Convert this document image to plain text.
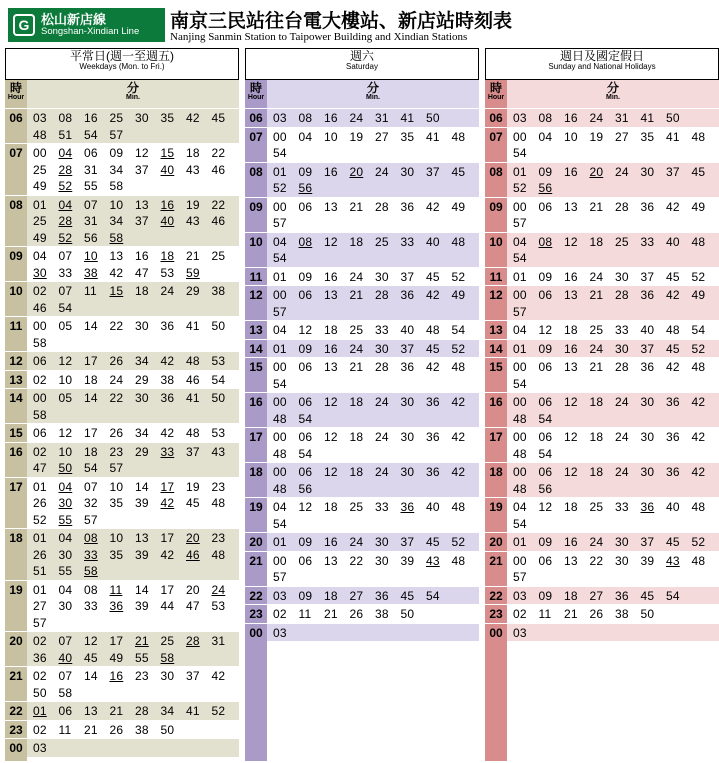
G 松山新店線
Songshan-Xindian Line 南京三民站往台電大樓站、新店站時刻表
Nanjing Sanmin Station to Taipower Building and Xindian Stations
平常日(週一至週五)
Weekdays (Mon. to Fri.)
時
Hour
分
Min.
06 03 08 16 25 30 35 42 45
48 51 54 57
07 00 04 06 09 12 15 18 22
25 28 31 34 37 40 43 46
49 52 55 58
08 01 04 07 10 13 16 19 22
25 28 31 34 37 40 43 46
49 52 56 58
09 04 07 10 13 16 18 21 25
30 33 38 42 47 53 59
10 02 07 11	15 18 24 29 38
46 54
11 00 05 14 22 30 36 41 50
58
12 06 12 17 26 34 42 48 53
13 02 10 18 24 29 38 46 54
14 00 05 14 22 30 36 41 50
58
15 06 12 17 26 34 42 48 53
16 02 10 18 23 29 33 37 43
47 50 54 57
17 01 04 07 10 14 17 19 23
26 30 32 35 39 42 45 48
52 55 57
18 01 04 08 10 13 17 20 23
26 30 33 35 39 42 46 48
51 55 58
19 01 04 08 11	14 17 20 24
27 30 33 36 39 44 47 53
57
20 02 07 12 17 21 25 28 31
36 40 45 49 55 58
21 02 07 14 16 23 30 37 42
50 58
22 01 06 13 21 28 34 41 52
23 02 11	21 26 38 50
00 03
週六
Saturday
時
Hour
分
Min.
06 03 08 16 24 31 41 50
07 00 04 10 19 27 35 41 48
54
08 01 09 16 20 24 30 37 45
52 56
09 00 06 13 21 28 36 42 49
57
10 04 08 12 18 25 33 40 48
54
11 01 09 16 24 30 37 45 52
12 00 06 13 21 28 36 42 49
57
13 04 12 18 25 33 40 48 54
14 01 09 16 24 30 37 45 52
15 00 06 13 21 28 36 42 48
54
16 00 06 12 18 24 30 36 42
48 54
17 00 06 12 18 24 30 36 42
48 54
18 00 06 12 18 24 30 36 42
48 56
19 04 12 18 25 33 36 40 48
54
20 01 09 16 24 30 37 45 52
21 00 06 13 22 30 39 43 48
57
22 03 09 18 27 36 45 54
23 02 11	21 26 38 50
00 03
週日及國定假日
Sunday and National Holidays
時
Hour
分
Min.
06 03 08 16 24 31 41 50
07 00 04 10 19 27 35 41 48
54
08 01 09 16 20 24 30 37 45
52 56
09 00 06 13 21 28 36 42 49
57
10 04 08 12 18 25 33 40 48
54
11 01 09 16 24 30 37 45 52
12 00 06 13 21 28 36 42 49
57
13 04 12 18 25 33 40 48 54
14 01 09 16 24 30 37 45 52
15 00 06 13 21 28 36 42 48
54
16 00 06 12 18 24 30 36 42
48 54
17 00 06 12 18 24 30 36 42
48 54
18 00 06 12 18 24 30 36 42
48 56
19 04 12 18 25 33 36 40 48
54
20 01 09 16 24 30 37 45 52
21 00 06 13 22 30 39 43 48
57
22 03 09 18 27 36 45 54
23 02 11	21 26 38 50
00 03
